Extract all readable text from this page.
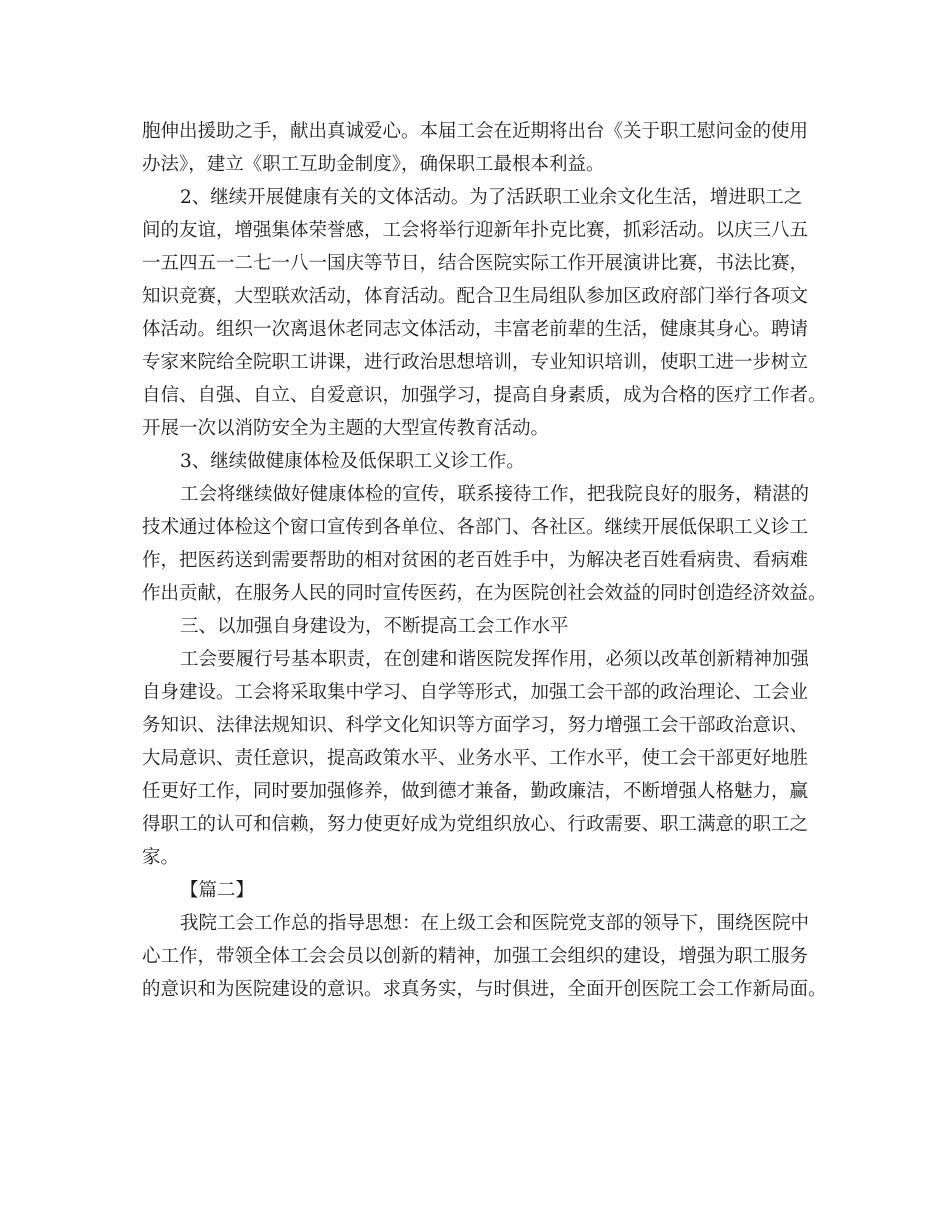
胞伸出援助之手，献出真诚爱心。本届工会在近期将出台《关于职工慰问金的使用
办法》，建立《职工互助金制度》，确保职工最根本利益。
2、继续开展健康有关的文体活动。为了活跃职工业余文化生活，增进职工之
间的友谊，增强集体荣誉感，工会将举行迎新年扑克比赛，抓彩活动。以庆三八五
一五四五一二七一八一国庆等节日，结合医院实际工作开展演讲比赛，书法比赛，
知识竞赛，大型联欢活动，体育活动。配合卫生局组队参加区政府部门举行各项文
体活动。组织一次离退休老同志文体活动，丰富老前辈的生活，健康其身心。聘请
专家来院给全院职工讲课，进行政治思想培训，专业知识培训，使职工进一步树立
自信、自强、自立、自爱意识，加强学习，提高自身素质，成为合格的医疗工作者。
开展一次以消防安全为主题的大型宣传教育活动。
3、继续做健康体检及低保职工义诊工作。
工会将继续做好健康体检的宣传，联系接待工作，把我院良好的服务，精湛的
技术通过体检这个窗口宣传到各单位、各部门、各社区。继续开展低保职工义诊工
作，把医药送到需要帮助的相对贫困的老百姓手中，为解决老百姓看病贵、看病难
作出贡献，在服务人民的同时宣传医药，在为医院创社会效益的同时创造经济效益。
三、以加强自身建设为，不断提高工会工作水平
工会要履行号基本职责，在创建和谐医院发挥作用，必须以改革创新精神加强
自身建设。工会将采取集中学习、自学等形式，加强工会干部的政治理论、工会业
务知识、法律法规知识、科学文化知识等方面学习，努力增强工会干部政治意识、
大局意识、责任意识，提高政策水平、业务水平、工作水平，使工会干部更好地胜
任更好工作，同时要加强修养，做到德才兼备，勤政廉洁，不断增强人格魅力，赢
得职工的认可和信赖，努力使更好成为党组织放心、行政需要、职工满意的职工之
家。
【篇二】
我院工会工作总的指导思想：在上级工会和医院党支部的领导下，围绕医院中
心工作，带领全体工会会员以创新的精神，加强工会组织的建设，增强为职工服务
的意识和为医院建设的意识。求真务实，与时俱进，全面开创医院工会工作新局面。
